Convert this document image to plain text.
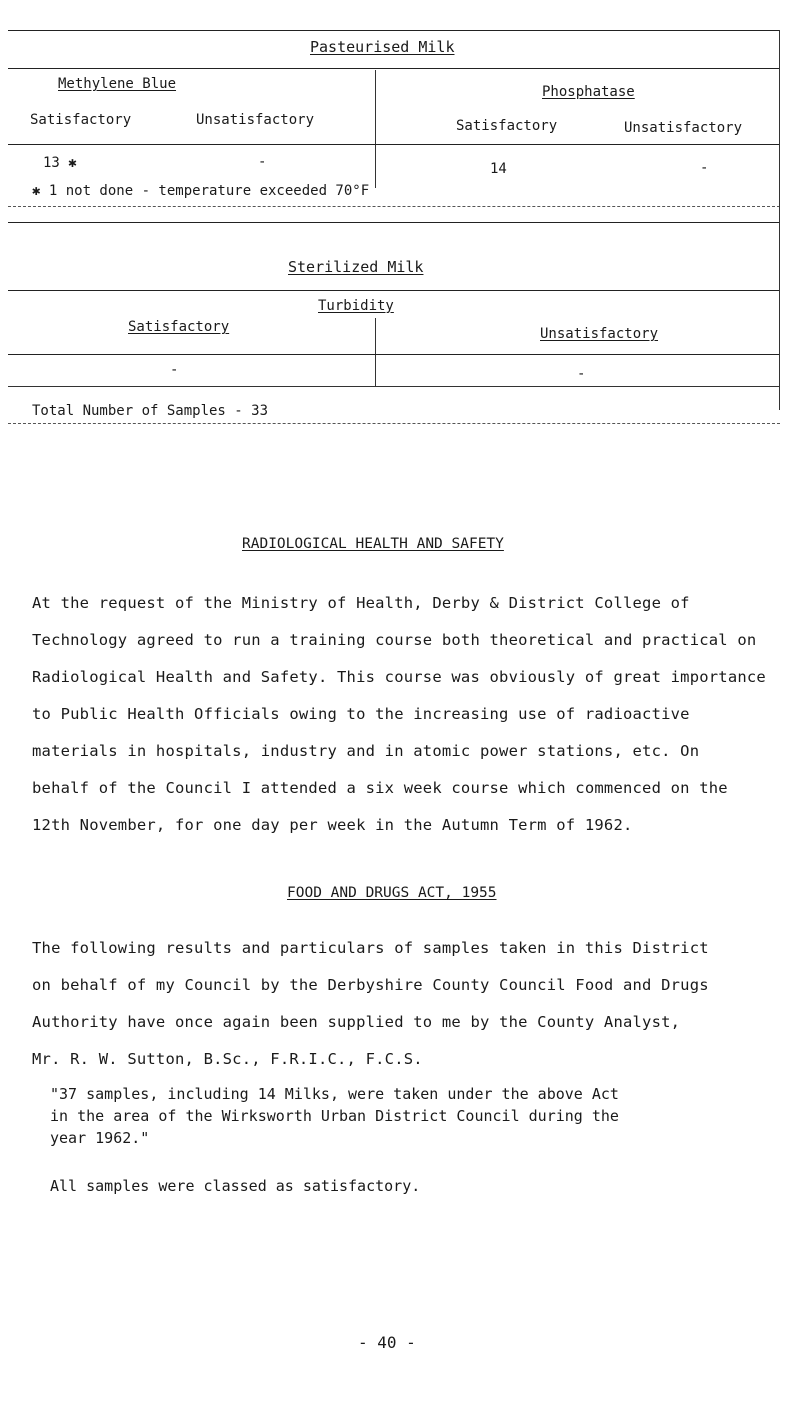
Pasteurised Milk
Methylene Blue	Phosphatase
Satisfactory	Unsatisfactory	Satisfactory	Unsatisfactory
13 ✱	-	14	-
✱ 1 not done - temperature exceeded 70°F
Sterilized Milk
Turbidity
Satisfactory	Unsatisfactory
-	-
Total Number of Samples - 33
RADIOLOGICAL HEALTH AND SAFETY
At the request of the Ministry of Health, Derby & District College of
Technology agreed to run a training course both theoretical and practical on
Radiological Health and Safety. This course was obviously of great importance
to Public Health Officials owing to the increasing use of radioactive
materials in hospitals, industry and in atomic power stations, etc. On
behalf of the Council I attended a six week course which commenced on the
12th November, for one day per week in the Autumn Term of 1962.
FOOD AND DRUGS ACT, 1955
The following results and particulars of samples taken in this District
on behalf of my Council by the Derbyshire County Council Food and Drugs
Authority have once again been supplied to me by the County Analyst,
Mr. R. W. Sutton, B.Sc., F.R.I.C., F.C.S.
"37 samples, including 14 Milks, were taken under the above Act
in the area of the Wirksworth Urban District Council during the
year 1962."
All samples were classed as satisfactory.
- 40 -
